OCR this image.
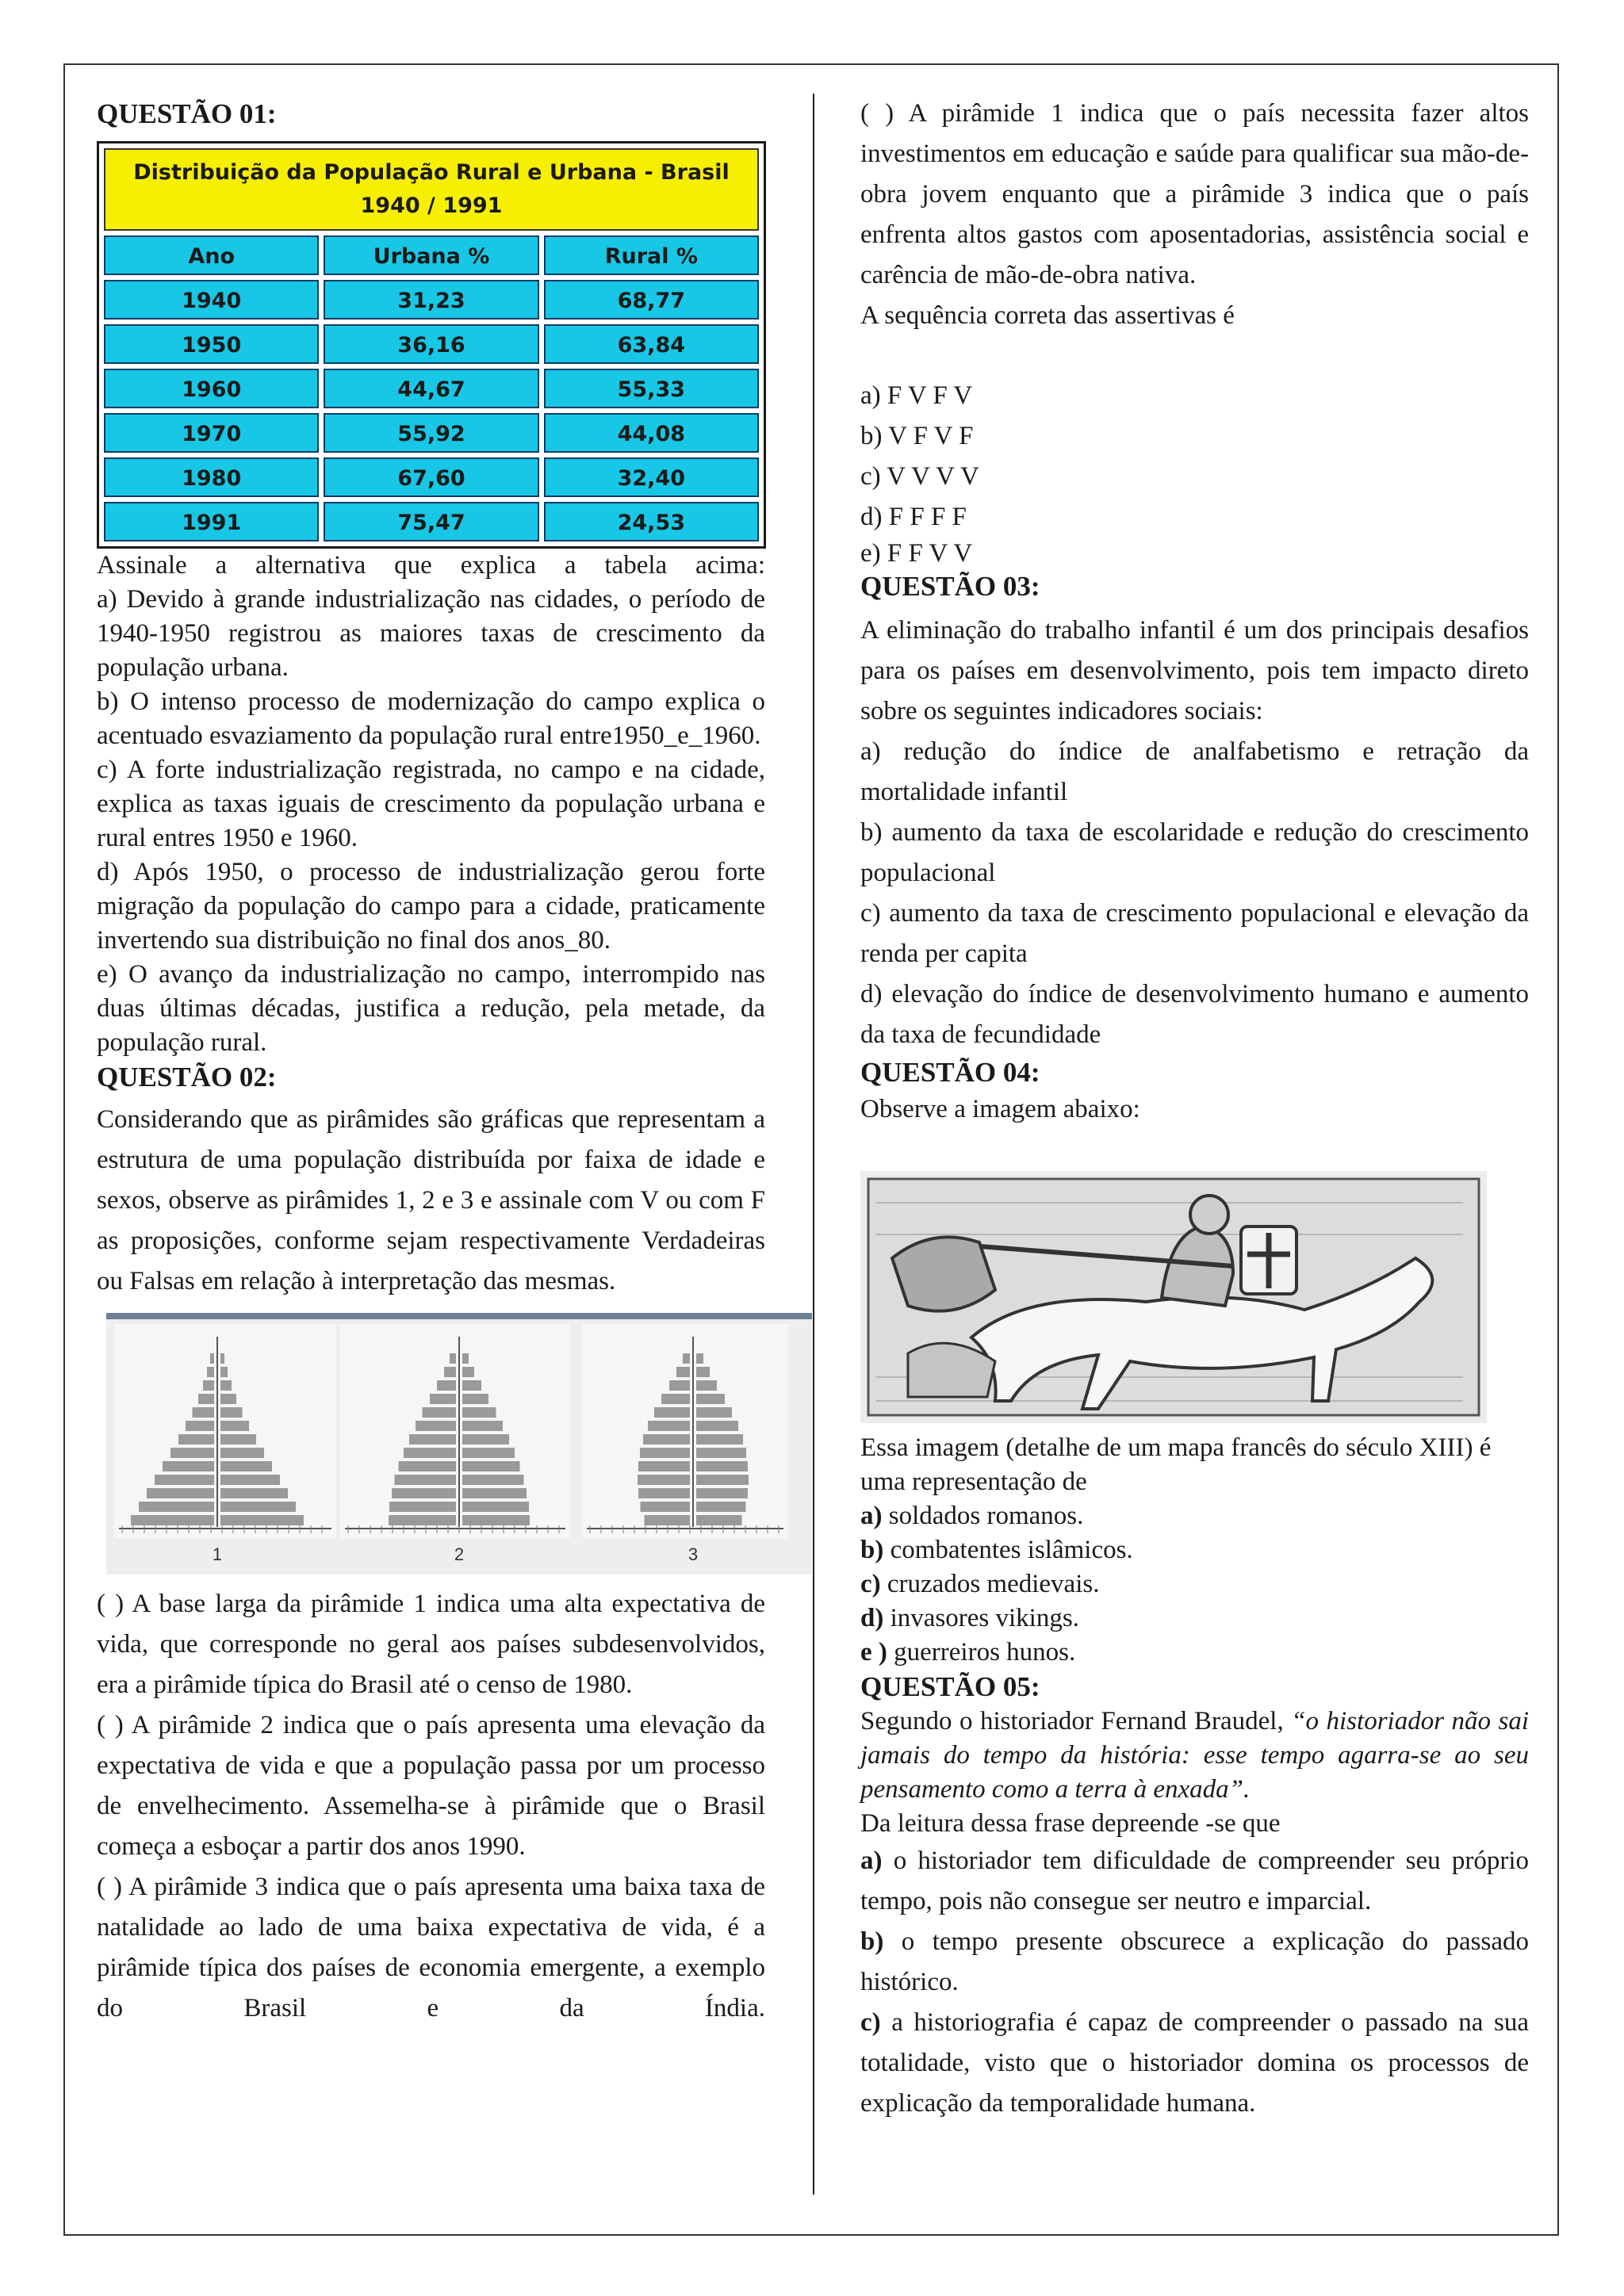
QUESTÃO 01:

Distribuição da População Rural e Urbana - Brasil 1940 / 1991
Ano	Urbana %	Rural %
1940	31,23	68,77
1950	36,16	63,84
1960	44,67	55,33
1970	55,92	44,08
1980	67,60	32,40
1991	75,47	24,53

Assinale a alternativa que explica a tabela acima:

a) Devido à grande industrialização nas cidades, o período de 1940-1950 registrou as maiores taxas de crescimento da população urbana.

b) O intenso processo de modernização do campo explica o acentuado esvaziamento da população rural entre1950_e_1960.

c) A forte industrialização registrada, no campo e na cidade, explica as taxas iguais de crescimento da população urbana e rural entres 1950 e 1960.

d) Após 1950, o processo de industrialização gerou forte migração da população do campo para a cidade, praticamente invertendo sua distribuição no final dos anos_80.

e) O avanço da industrialização no campo, interrompido nas duas últimas décadas, justifica a redução, pela metade, da população rural.

QUESTÃO 02:

Considerando que as pirâmides são gráficas que representam a estrutura de uma população distribuída por faixa de idade e sexos, observe as pirâmides 1, 2 e 3 e assinale com V ou com F as proposições, conforme sejam respectivamente Verdadeiras ou Falsas em relação à interpretação das mesmas.

1	2	3

( ) A base larga da pirâmide 1 indica uma alta expectativa de vida, que corresponde no geral aos países subdesenvolvidos, era a pirâmide típica do Brasil até o censo de 1980.

( ) A pirâmide 2 indica que o país apresenta uma elevação da expectativa de vida e que a população passa por um processo de envelhecimento. Assemelha-se à pirâmide que o Brasil começa a esboçar a partir dos anos 1990.

( ) A pirâmide 3 indica que o país apresenta uma baixa taxa de natalidade ao lado de uma baixa expectativa de vida, é a pirâmide típica dos países de economia emergente, a exemplo do Brasil e da Índia.

( ) A pirâmide 1 indica que o país necessita fazer altos investimentos em educação e saúde para qualificar sua mão-de-obra jovem enquanto que a pirâmide 3 indica que o país enfrenta altos gastos com aposentadorias, assistência social e carência de mão-de-obra nativa.

A sequência correta das assertivas é

a) F V F V

b) V F V F

c) V V V V

d) F F F F

e) F F V V

QUESTÃO 03:

A eliminação do trabalho infantil é um dos principais desafios para os países em desenvolvimento, pois tem impacto direto sobre os seguintes indicadores sociais:

a) redução do índice de analfabetismo e retração da mortalidade infantil

b) aumento da taxa de escolaridade e redução do crescimento populacional

c) aumento da taxa de crescimento populacional e elevação da renda per capita

d) elevação do índice de desenvolvimento humano e aumento da taxa de fecundidade

QUESTÃO 04:

Observe a imagem abaixo:

Essa imagem (detalhe de um mapa francês do século XIII) é uma representação de

a) soldados romanos.

b) combatentes islâmicos.

c) cruzados medievais.

d) invasores vikings.

e ) guerreiros hunos.

QUESTÃO 05:

Segundo o historiador Fernand Braudel, “o historiador não sai jamais do tempo da história: esse tempo agarra-se ao seu pensamento como a terra à enxada”.

Da leitura dessa frase depreende -se que

a) o historiador tem dificuldade de compreender seu próprio tempo, pois não consegue ser neutro e imparcial.

b) o tempo presente obscurece a explicação do passado histórico.

c) a historiografia é capaz de compreender o passado na sua totalidade, visto que o historiador domina os processos de explicação da temporalidade humana.
